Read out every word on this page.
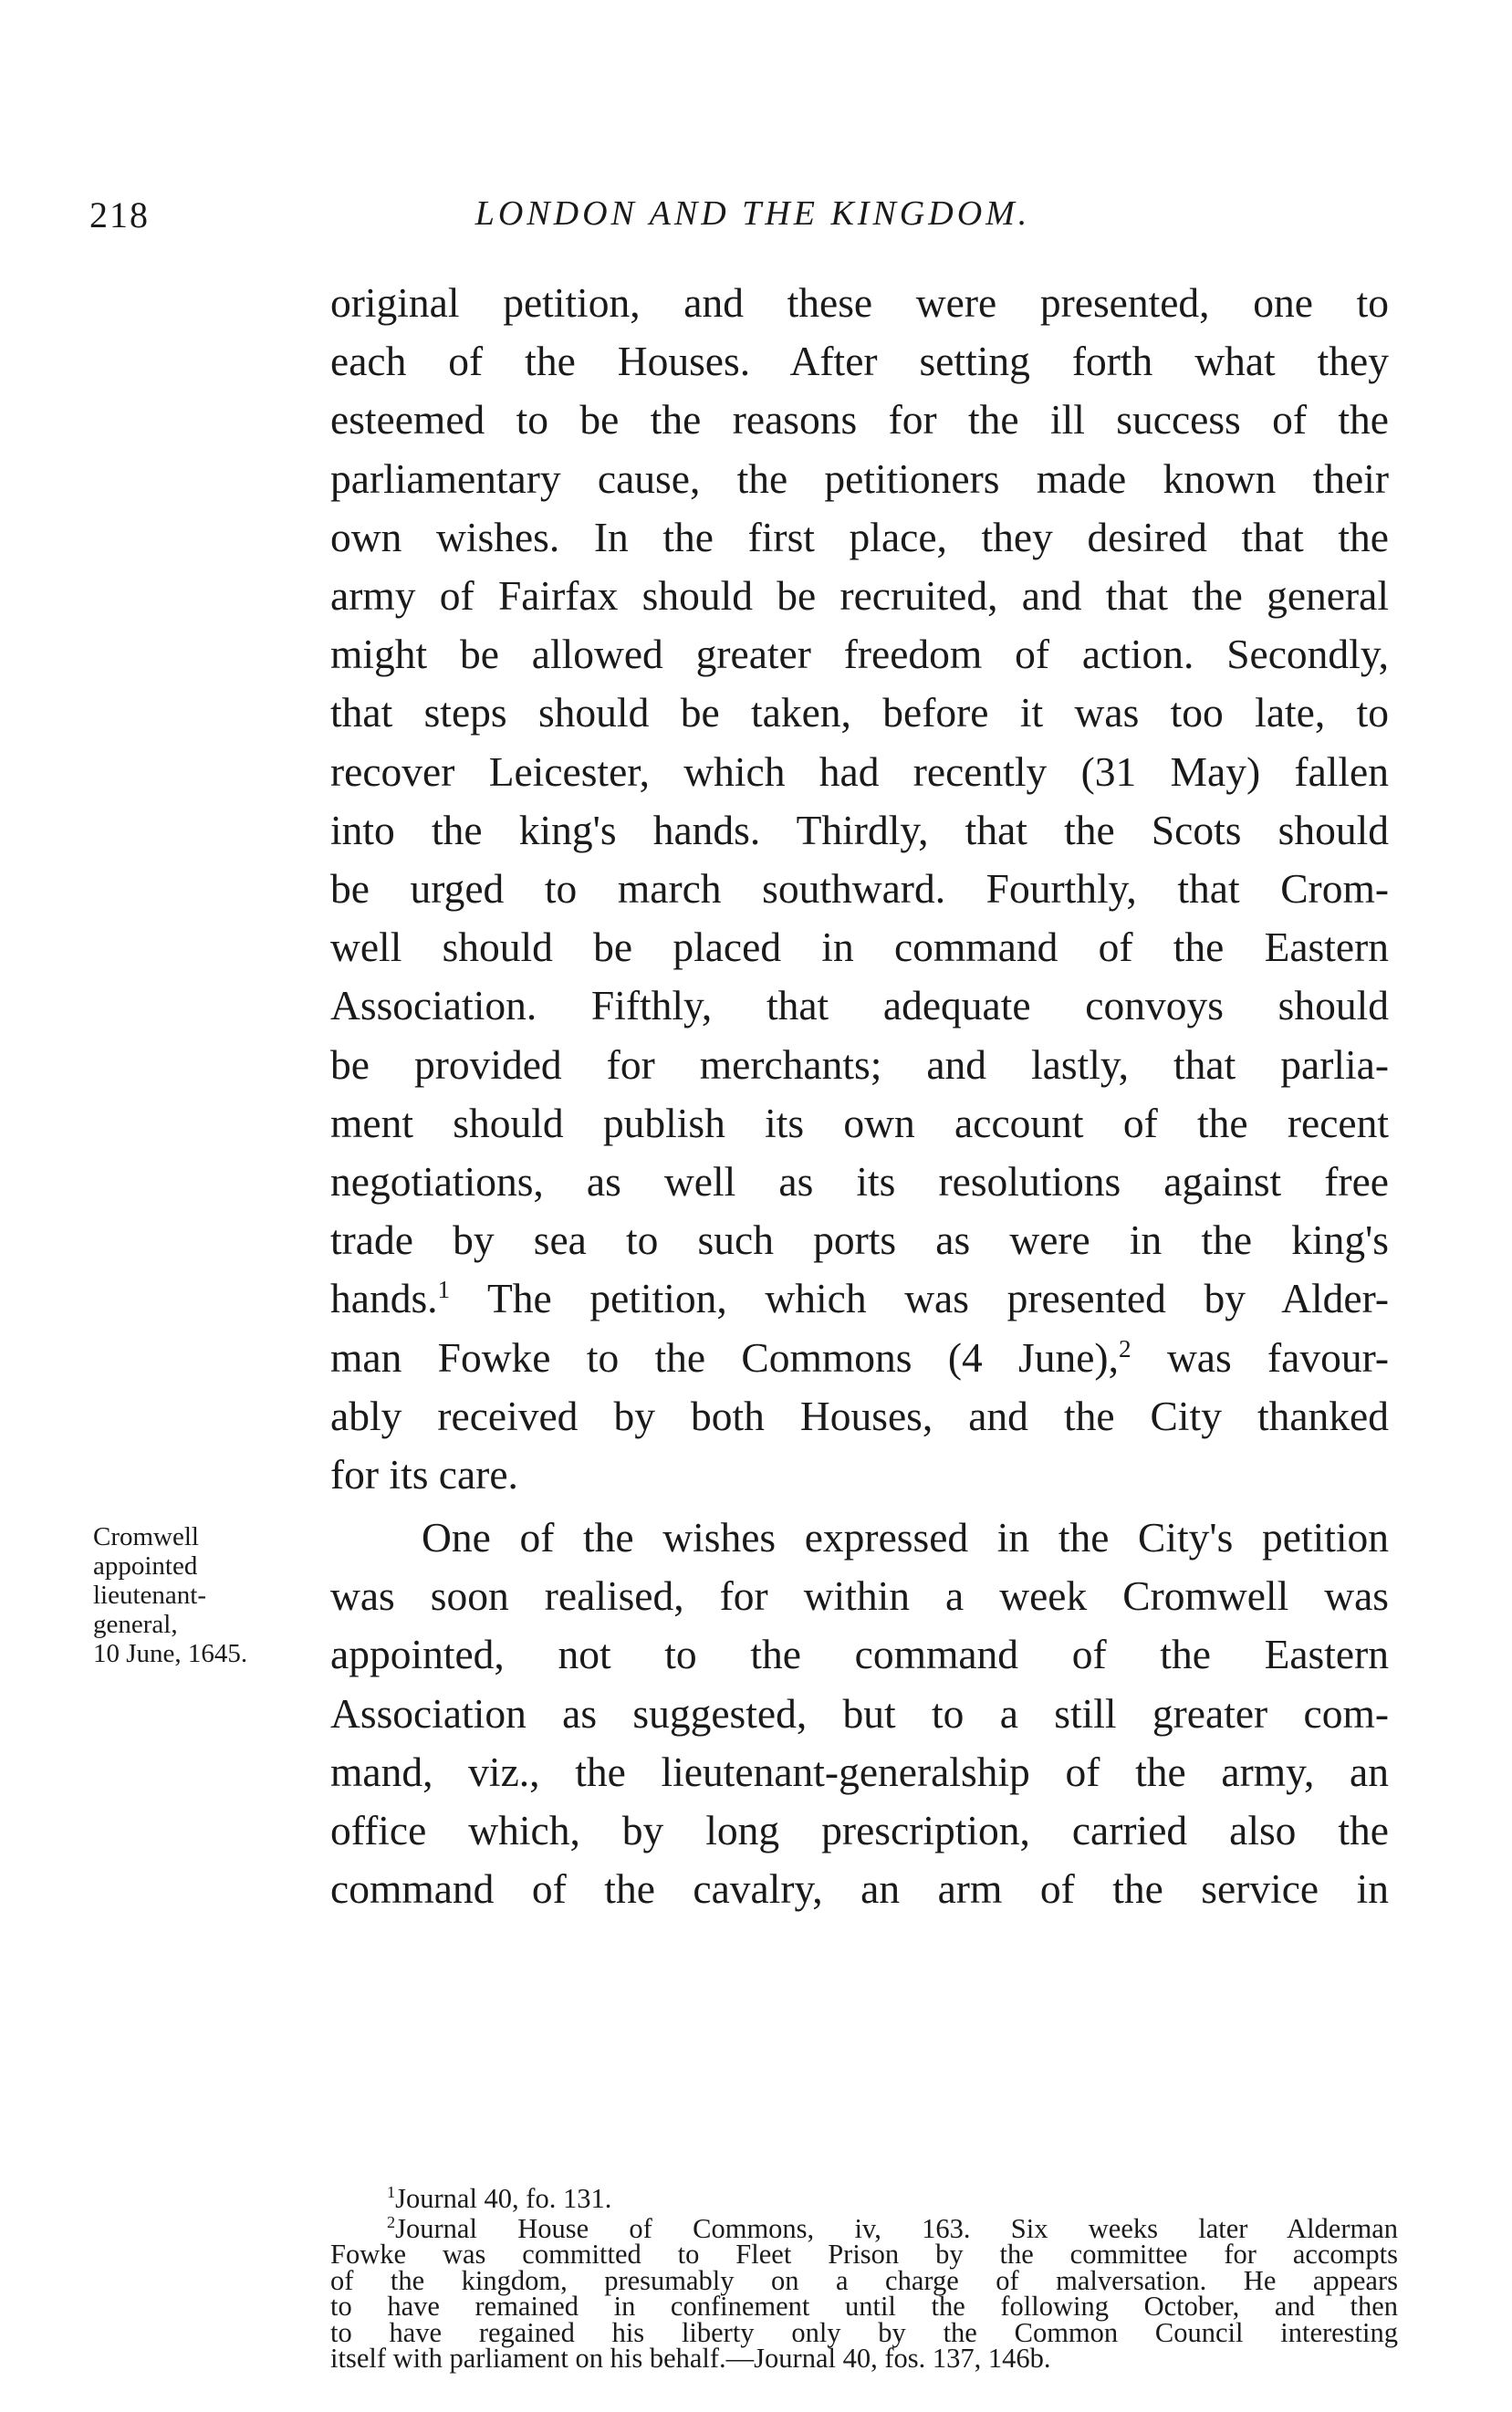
218	LONDON AND THE KINGDOM.
original petition, and these were presented, one to
each of the Houses. After setting forth what they
esteemed to be the reasons for the ill success of the
parliamentary cause, the petitioners made known their
own wishes. In the first place, they desired that the
army of Fairfax should be recruited, and that the general
might be allowed greater freedom of action. Secondly,
that steps should be taken, before it was too late, to
recover Leicester, which had recently (31 May) fallen
into the king's hands. Thirdly, that the Scots should
be urged to march southward. Fourthly, that Crom-
well should be placed in command of the Eastern
Association. Fifthly, that adequate convoys should
be provided for merchants; and lastly, that parlia-
ment should publish its own account of the recent
negotiations, as well as its resolutions against free
trade by sea to such ports as were in the king's
hands.$^1$ The petition, which was presented by Alder-
man Fowke to the Commons (4 June),$^2$ was favour-
ably received by both Houses, and the City thanked
for its care.
Cromwell
appointed
lieutenant-
general,
10 June, 1645.
One of the wishes expressed in the City's petition
was soon realised, for within a week Cromwell was
appointed, not to the command of the Eastern
Association as suggested, but to a still greater com-
mand, viz., the lieutenant-generalship of the army, an
office which, by long prescription, carried also the
command of the cavalry, an arm of the service in
$^1$Journal 40, fo. 131.
$^2$Journal House of Commons, iv, 163. Six weeks later Alderman
Fowke was committed to Fleet Prison by the committee for accompts
of the kingdom, presumably on a charge of malversation. He appears
to have remained in confinement until the following October, and then
to have regained his liberty only by the Common Council interesting
itself with parliament on his behalf.—Journal 40, fos. 137, 146b.
